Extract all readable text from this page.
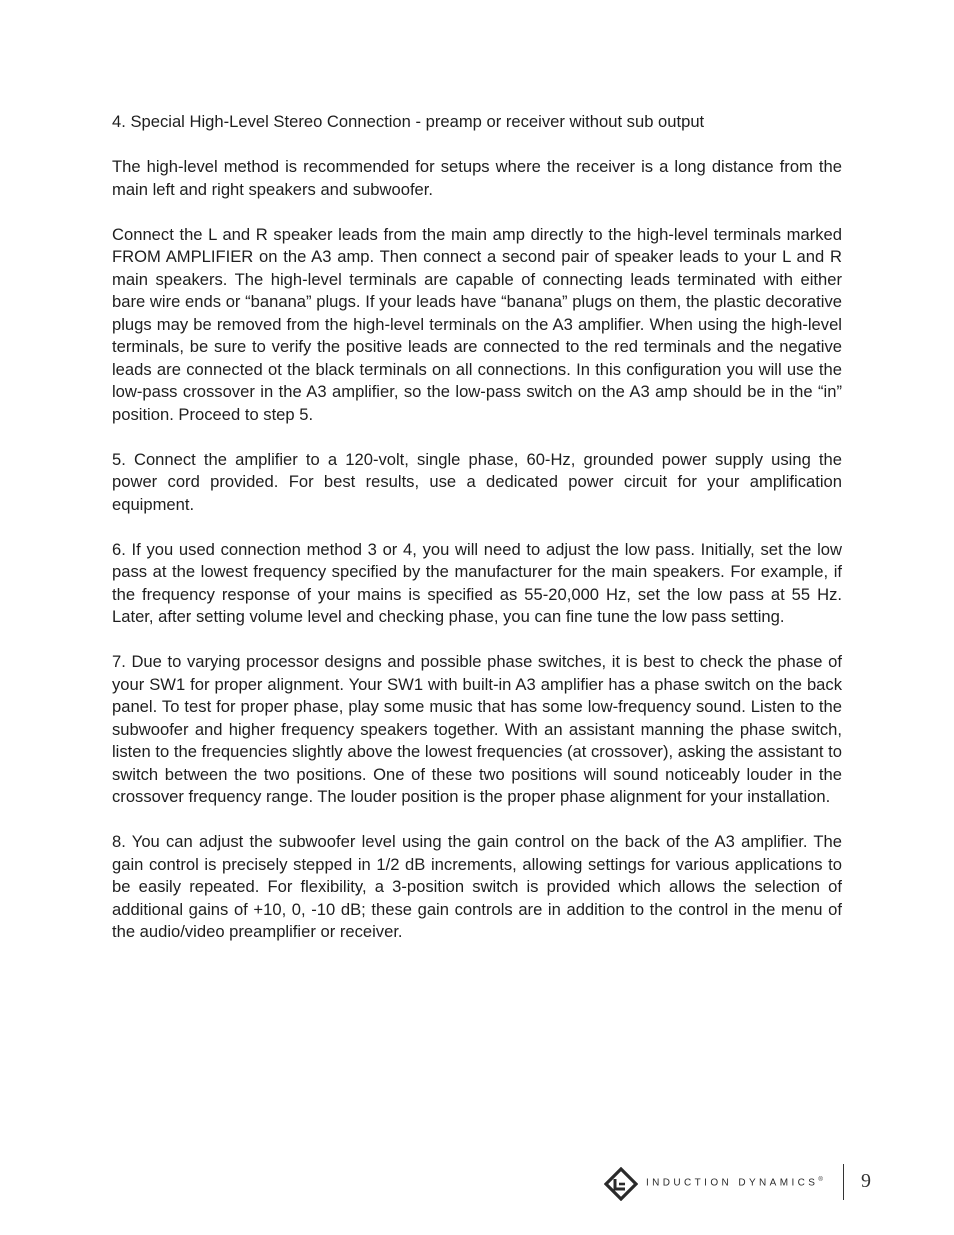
4. Special High-Level Stereo Connection - preamp or receiver without sub output

The high-level method is recommended for setups where the receiver is a long distance from the main left and right speakers and subwoofer.

Connect the L and R speaker leads from the main amp directly to the high-level terminals marked FROM AMPLIFIER on the A3 amp. Then connect a second pair of speaker leads to your L and R main speakers. The high-level terminals are capable of connecting leads terminated with either bare wire ends or “banana” plugs. If your leads have “banana” plugs on them, the plastic decorative plugs may be removed from the high-level terminals on the A3 amplifier. When using the high-level terminals, be sure to verify the positive leads are connected to the red terminals and the negative leads are connected ot the black terminals on all connections. In this configuration you will use the low-pass crossover in the A3 amplifier, so the low-pass switch on the A3 amp should be in the “in” position. Proceed to step 5.

5. Connect the amplifier to a 120-volt, single phase, 60-Hz, grounded power supply using the power cord provided. For best results, use a dedicated power circuit for your amplification equipment.

6. If you used connection method 3 or 4, you will need to adjust the low pass. Initially, set the low pass at the lowest frequency specified by the manufacturer for the main speakers. For example, if the frequency response of your mains is specified as 55-20,000 Hz, set the low pass at 55 Hz. Later, after setting volume level and checking phase, you can fine tune the low pass setting.

7. Due to varying processor designs and possible phase switches, it is best to check the phase of your SW1 for proper alignment. Your SW1 with built-in A3 amplifier has a phase switch on the back panel. To test for proper phase, play some music that has some low-frequency sound. Listen to the subwoofer and higher frequency speakers together. With an assistant manning the phase switch, listen to the frequencies slightly above the lowest frequencies (at crossover), asking the assistant to switch between the two positions. One of these two positions will sound noticeably louder in the crossover frequency range. The louder position is the proper phase alignment for your installation.

8. You can adjust the subwoofer level using the gain control on the back of the A3 amplifier. The gain control is precisely stepped in 1/2 dB increments, allowing settings for various applications to be easily repeated. For flexibility, a 3-position switch is provided which allows the selection of additional gains of +10, 0, -10 dB; these gain controls are in addition to the control in the menu of the audio/video preamplifier or receiver.

INDUCTION DYNAMICS® 9
